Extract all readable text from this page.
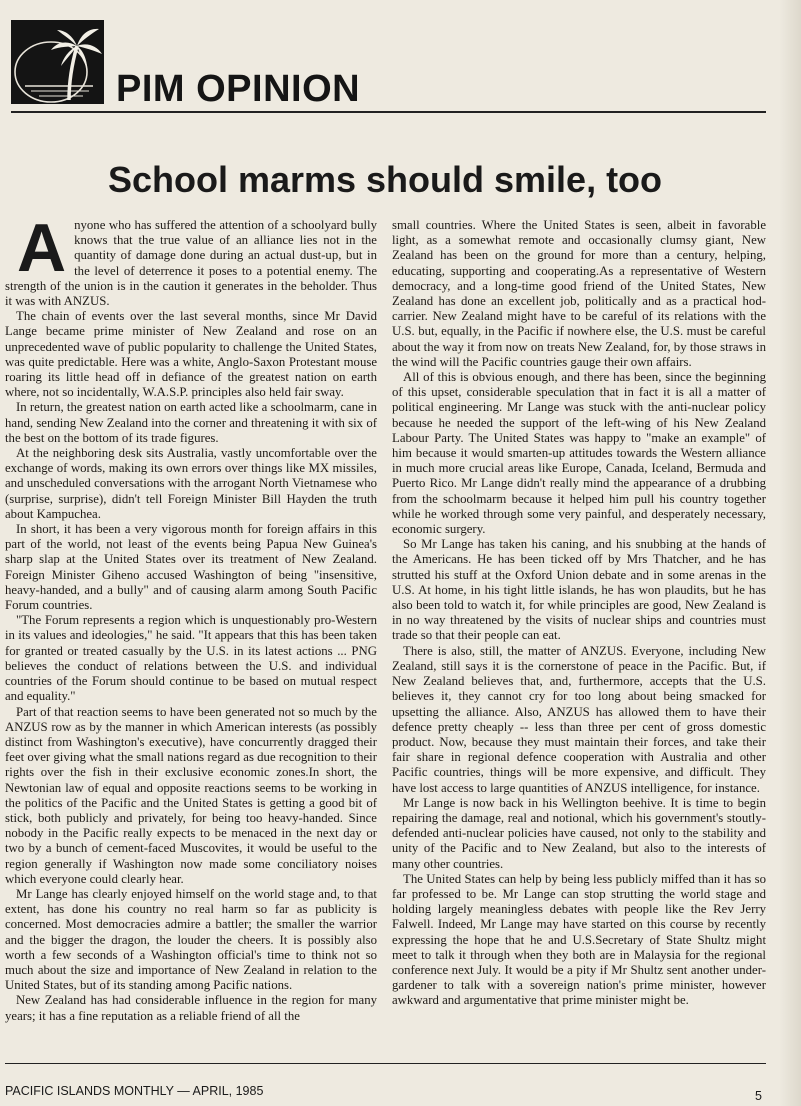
PIM OPINION
School marms should smile, too

Anyone who has suffered the attention of a schoolyard bully knows that the true value of an alliance lies not in the quantity of damage done during an actual dust-up, but in the level of deterrence it poses to a potential enemy. The strength of the union is in the caution it generates in the beholder. Thus it was with ANZUS.

The chain of events over the last several months, since Mr David Lange became prime minister of New Zealand and rose on an unprecedented wave of public popularity to challenge the United States, was quite predictable. Here was a white, Anglo-Saxon Protestant mouse roaring its little head off in defiance of the greatest nation on earth where, not so incidentally, W.A.S.P. principles also held fair sway.

In return, the greatest nation on earth acted like a schoolmarm, cane in hand, sending New Zealand into the corner and threatening it with six of the best on the bottom of its trade figures.

At the neighboring desk sits Australia, vastly uncomfortable over the exchange of words, making its own errors over things like MX missiles, and unscheduled conversations with the arrogant North Vietnamese who (surprise, surprise), didn't tell Foreign Minister Bill Hayden the truth about Kampuchea.

In short, it has been a very vigorous month for foreign affairs in this part of the world, not least of the events being Papua New Guinea's sharp slap at the United States over its treatment of New Zealand. Foreign Minister Giheno accused Washington of being "insensitive, heavy-handed, and a bully" and of causing alarm among South Pacific Forum countries.

"The Forum represents a region which is unquestionably pro-Western in its values and ideologies," he said. "It appears that this has been taken for granted or treated casually by the U.S. in its latest actions ... PNG believes the conduct of relations between the U.S. and individual countries of the Forum should continue to be based on mutual respect and equality."

Part of that reaction seems to have been generated not so much by the ANZUS row as by the manner in which American interests (as possibly distinct from Washington's executive), have concurrently dragged their feet over giving what the small nations regard as due recognition to their rights over the fish in their exclusive economic zones.In short, the Newtonian law of equal and opposite reactions seems to be working in the politics of the Pacific and the United States is getting a good bit of stick, both publicly and privately, for being too heavy-handed. Since nobody in the Pacific really expects to be menaced in the next day or two by a bunch of cement-faced Muscovites, it would be useful to the region generally if Washington now made some conciliatory noises which everyone could clearly hear.

Mr Lange has clearly enjoyed himself on the world stage and, to that extent, has done his country no real harm so far as publicity is concerned. Most democracies admire a battler; the smaller the warrior and the bigger the dragon, the louder the cheers. It is possibly also worth a few seconds of a Washington official's time to think not so much about the size and importance of New Zealand in relation to the United States, but of its standing among Pacific nations.

New Zealand has had considerable influence in the region for many years; it has a fine reputation as a reliable friend of all the

small countries. Where the United States is seen, albeit in favorable light, as a somewhat remote and occasionally clumsy giant, New Zealand has been on the ground for more than a century, helping, educating, supporting and cooperating.As a representative of Western democracy, and a long-time good friend of the United States, New Zealand has done an excellent job, politically and as a practical hod-carrier. New Zealand might have to be careful of its relations with the U.S. but, equally, in the Pacific if nowhere else, the U.S. must be careful about the way it from now on treats New Zealand, for, by those straws in the wind will the Pacific countries gauge their own affairs.

All of this is obvious enough, and there has been, since the beginning of this upset, considerable speculation that in fact it is all a matter of political engineering. Mr Lange was stuck with the anti-nuclear policy because he needed the support of the left-wing of his New Zealand Labour Party. The United States was happy to "make an example" of him because it would smarten-up attitudes towards the Western alliance in much more crucial areas like Europe, Canada, Iceland, Bermuda and Puerto Rico. Mr Lange didn't really mind the appearance of a drubbing from the schoolmarm because it helped him pull his country together while he worked through some very painful, and desperately necessary, economic surgery.

So Mr Lange has taken his caning, and his snubbing at the hands of the Americans. He has been ticked off by Mrs Thatcher, and he has strutted his stuff at the Oxford Union debate and in some arenas in the U.S. At home, in his tight little islands, he has won plaudits, but he has also been told to watch it, for while principles are good, New Zealand is in no way threatened by the visits of nuclear ships and countries must trade so that their people can eat.

There is also, still, the matter of ANZUS. Everyone, including New Zealand, still says it is the cornerstone of peace in the Pacific. But, if New Zealand believes that, and, furthermore, accepts that the U.S. believes it, they cannot cry for too long about being smacked for upsetting the alliance. Also, ANZUS has allowed them to have their defence pretty cheaply -- less than three per cent of gross domestic product. Now, because they must maintain their forces, and take their fair share in regional defence cooperation with Australia and other Pacific countries, things will be more expensive, and difficult. They have lost access to large quantities of ANZUS intelligence, for instance.

Mr Lange is now back in his Wellington beehive. It is time to begin repairing the damage, real and notional, which his government's stoutly-defended anti-nuclear policies have caused, not only to the stability and unity of the Pacific and to New Zealand, but also to the interests of many other countries.

The United States can help by being less publicly miffed than it has so far professed to be. Mr Lange can stop strutting the world stage and holding largely meaningless debates with people like the Rev Jerry Falwell. Indeed, Mr Lange may have started on this course by recently expressing the hope that he and U.S.Secretary of State Shultz might meet to talk it through when they both are in Malaysia for the regional conference next July. It would be a pity if Mr Shultz sent another under-gardener to talk with a sovereign nation's prime minister, however awkward and argumentative that prime minister might be.

PACIFIC ISLANDS MONTHLY — APRIL, 1985	5
